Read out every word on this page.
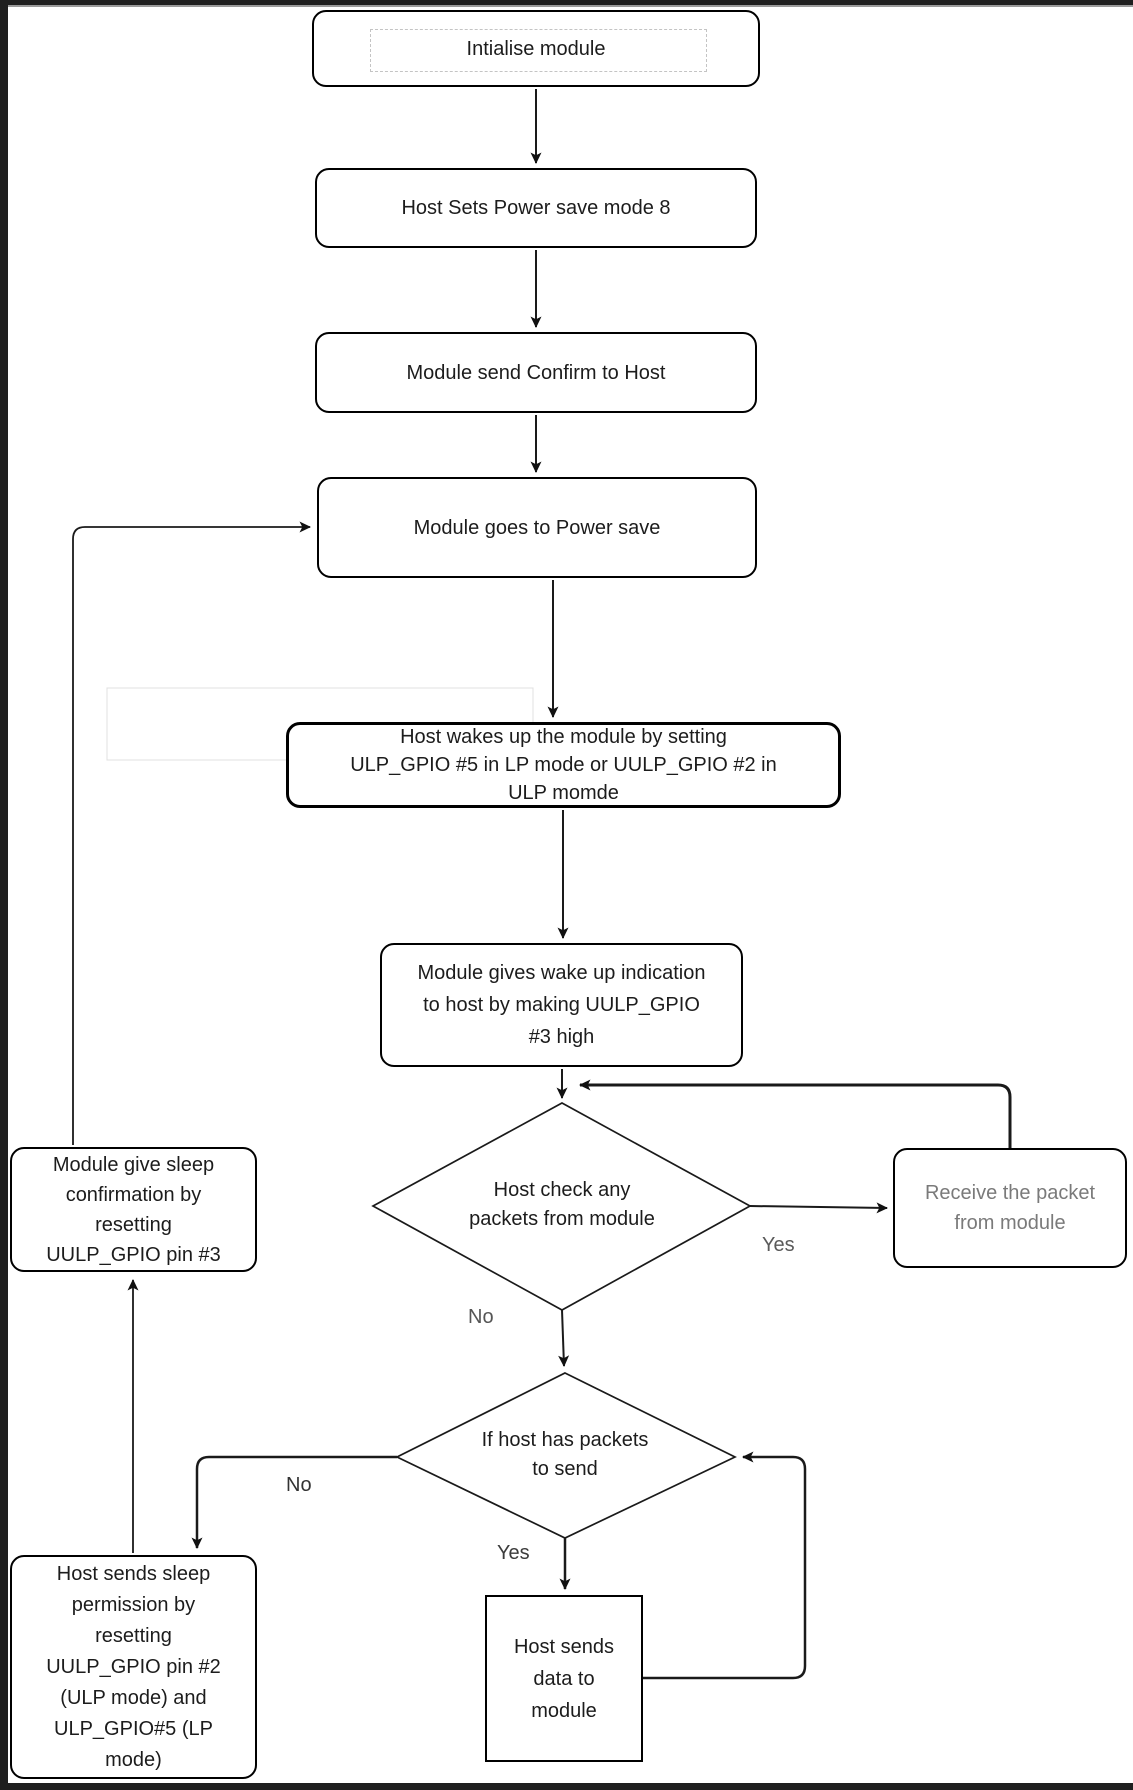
Intialise module
Host Sets Power save mode 8
Module send Confirm to Host
Module goes to Power save
Host wakes up the module by setting
ULP_GPIO #5 in LP mode or UULP_GPIO #2 in
ULP momde
Module gives wake up indication
to host by making UULP_GPIO
#3 high
Receive the packet
from module
Host sends
data to
module
Host sends sleep
permission by
resetting
UULP_GPIO pin #2
(ULP mode) and
ULP_GPIO#5 (LP
mode)
Module give sleep
confirmation by
resetting
UULP_GPIO pin #3
Host check any
packets from module
If host has packets
to send
Yes
No
Yes
No
